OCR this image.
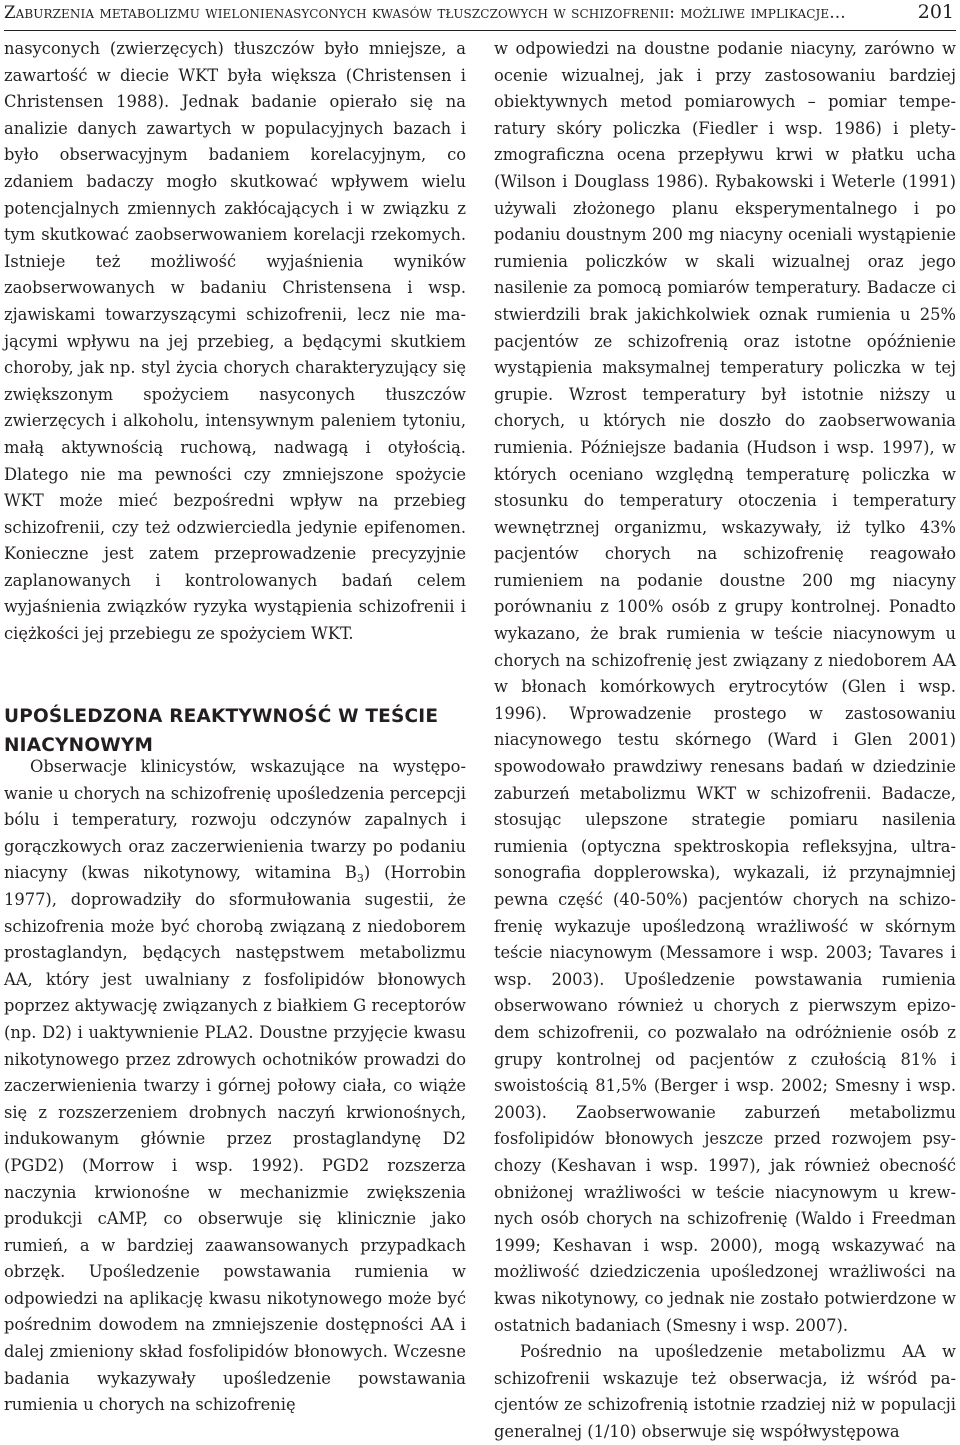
Zaburzenia metabolizmu wielonienasyconych kwasów tłuszczowych w schizofrenii: możliwe implikacje…	201

nasyconych (zwierzęcych) tłuszczów było mniejsze, a zawartość w diecie WKT była większa (Christensen i Christensen 1988). Jednak badanie opierało się na analizie danych zawartych w populacyjnych bazach i było obserwacyjnym badaniem korelacyjnym, co zdaniem badaczy mogło skutkować wpływem wielu potencjalnych zmiennych zakłócających i w związku z tym skutkować zaobserwowaniem korelacji rzekomych. Istnieje też możliwość wyjaśnienia wyników zaobserwowanych w badaniu Christensena i wsp. zjawiskami towarzyszącymi schizofrenii, lecz nie mającymi wpływu na jej przebieg, a będącymi skutkiem choroby, jak np. styl życia chorych charakteryzujący się zwiększonym spożyciem nasyconych tłuszczów zwierzęcych i alkoholu, intensywnym paleniem tytoniu, małą aktywnością ruchową, nadwagą i otyłością. Dlatego nie ma pewności czy zmniejszone spożycie WKT może mieć bezpośredni wpływ na przebieg schizofrenii, czy też odzwierciedla jedynie epifenomen. Konieczne jest zatem przeprowadzenie precyzyjnie zaplanowanych i kontrolowanych badań celem wyjaśnienia związków ryzyka wystąpienia schizofrenii i ciężkości jej przebiegu ze spożyciem WKT.

UPOŚLEDZONA REAKTYWNOŚĆ W TEŚCIE NIACYNOWYM

Obserwacje klinicystów, wskazujące na występowanie u chorych na schizofrenię upośledzenia percepcji bólu i temperatury, rozwoju odczynów zapalnych i gorączkowych oraz zaczerwienienia twarzy po podaniu niacyny (kwas nikotynowy, witamina $B_3$) (Horrobin 1977), doprowadziły do sformułowania sugestii, że schizofrenia może być chorobą związaną z niedoborem prostaglandyn, będących następstwem metabolizmu AA, który jest uwalniany z fosfolipidów błonowych poprzez aktywację związanych z białkiem G receptorów (np. D2) i uaktywnienie PLA2. Doustne przyjęcie kwasu nikotynowego przez zdrowych ochotników prowadzi do zaczerwienienia twarzy i górnej połowy ciała, co wiąże się z rozszerzeniem drobnych naczyń krwionośnych, indukowanym głównie przez prostaglandynę D2 (PGD2) (Morrow i wsp. 1992). PGD2 rozszerza naczynia krwionośne w mechanizmie zwiększenia produkcji cAMP, co obserwuje się klinicznie jako rumień, a w bardziej zaawansowanych przypadkach obrzęk. Upośledzenie powstawania rumienia w odpowiedzi na aplikację kwasu nikotynowego może być pośrednim dowodem na zmniejszenie dostępności AA i dalej zmieniony skład fosfolipidów błonowych. Wczesne badania wykazywały upośledzenie powstawania rumienia u chorych na schizofrenię

w odpowiedzi na doustne podanie niacyny, zarówno w ocenie wizualnej, jak i przy zastosowaniu bardziej obiektywnych metod pomiarowych – pomiar temperatury skóry policzka (Fiedler i wsp. 1986) i pletyzmograficzna ocena przepływu krwi w płatku ucha (Wilson i Douglass 1986). Rybakowski i Weterle (1991) używali złożonego planu eksperymentalnego i po podaniu doustnym 200 mg niacyny oceniali wystąpienie rumienia policzków w skali wizualnej oraz jego nasilenie za pomocą pomiarów temperatury. Badacze ci stwierdzili brak jakichkolwiek oznak rumienia u 25% pacjentów ze schizofrenią oraz istotne opóźnienie wystąpienia maksymalnej temperatury policzka w tej grupie. Wzrost temperatury był istotnie niższy u chorych, u których nie doszło do zaobserwowania rumienia. Późniejsze badania (Hudson i wsp. 1997), w których oceniano względną temperaturę policzka w stosunku do temperatury otoczenia i temperatury wewnętrznej organizmu, wskazywały, iż tylko 43% pacjentów chorych na schizofrenię reagowało rumieniem na podanie doustne 200 mg niacyny porównaniu z 100% osób z grupy kontrolnej. Ponadto wykazano, że brak rumienia w teście niacynowym u chorych na schizofrenię jest związany z niedoborem AA w błonach komórkowych erytrocytów (Glen i wsp. 1996). Wprowadzenie prostego w zastosowaniu niacynowego testu skórnego (Ward i Glen 2001) spowodowało prawdziwy renesans badań w dziedzinie zaburzeń metabolizmu WKT w schizofrenii. Badacze, stosując ulepszone strategie pomiaru nasilenia rumienia (optyczna spektroskopia refleksyjna, ultrasonografia dopplerowska), wykazali, iż przynajmniej pewna część (40-50%) pacjentów chorych na schizofrenię wykazuje upośledzoną wrażliwość w skórnym teście niacynowym (Messamore i wsp. 2003; Tavares i wsp. 2003). Upośledzenie powstawania rumienia obserwowano również u chorych z pierwszym epizodem schizofrenii, co pozwalało na odróżnienie osób z grupy kontrolnej od pacjentów z czułością 81% i swoistością 81,5% (Berger i wsp. 2002; Smesny i wsp. 2003). Zaobserwowanie zaburzeń metabolizmu fosfolipidów błonowych jeszcze przed rozwojem psychozy (Keshavan i wsp. 1997), jak również obecność obniżonej wrażliwości w teście niacynowym u krewnych osób chorych na schizofrenię (Waldo i Freedman 1999; Keshavan i wsp. 2000), mogą wskazywać na możliwość dziedziczenia upośledzonej wrażliwości na kwas nikotynowy, co jednak nie zostało potwierdzone w ostatnich badaniach (Smesny i wsp. 2007).

Pośrednio na upośledzenie metabolizmu AA w schizofrenii wskazuje też obserwacja, iż wśród pacjentów ze schizofrenią istotnie rzadziej niż w populacji generalnej (1/10) obserwuje się współwystępowa
